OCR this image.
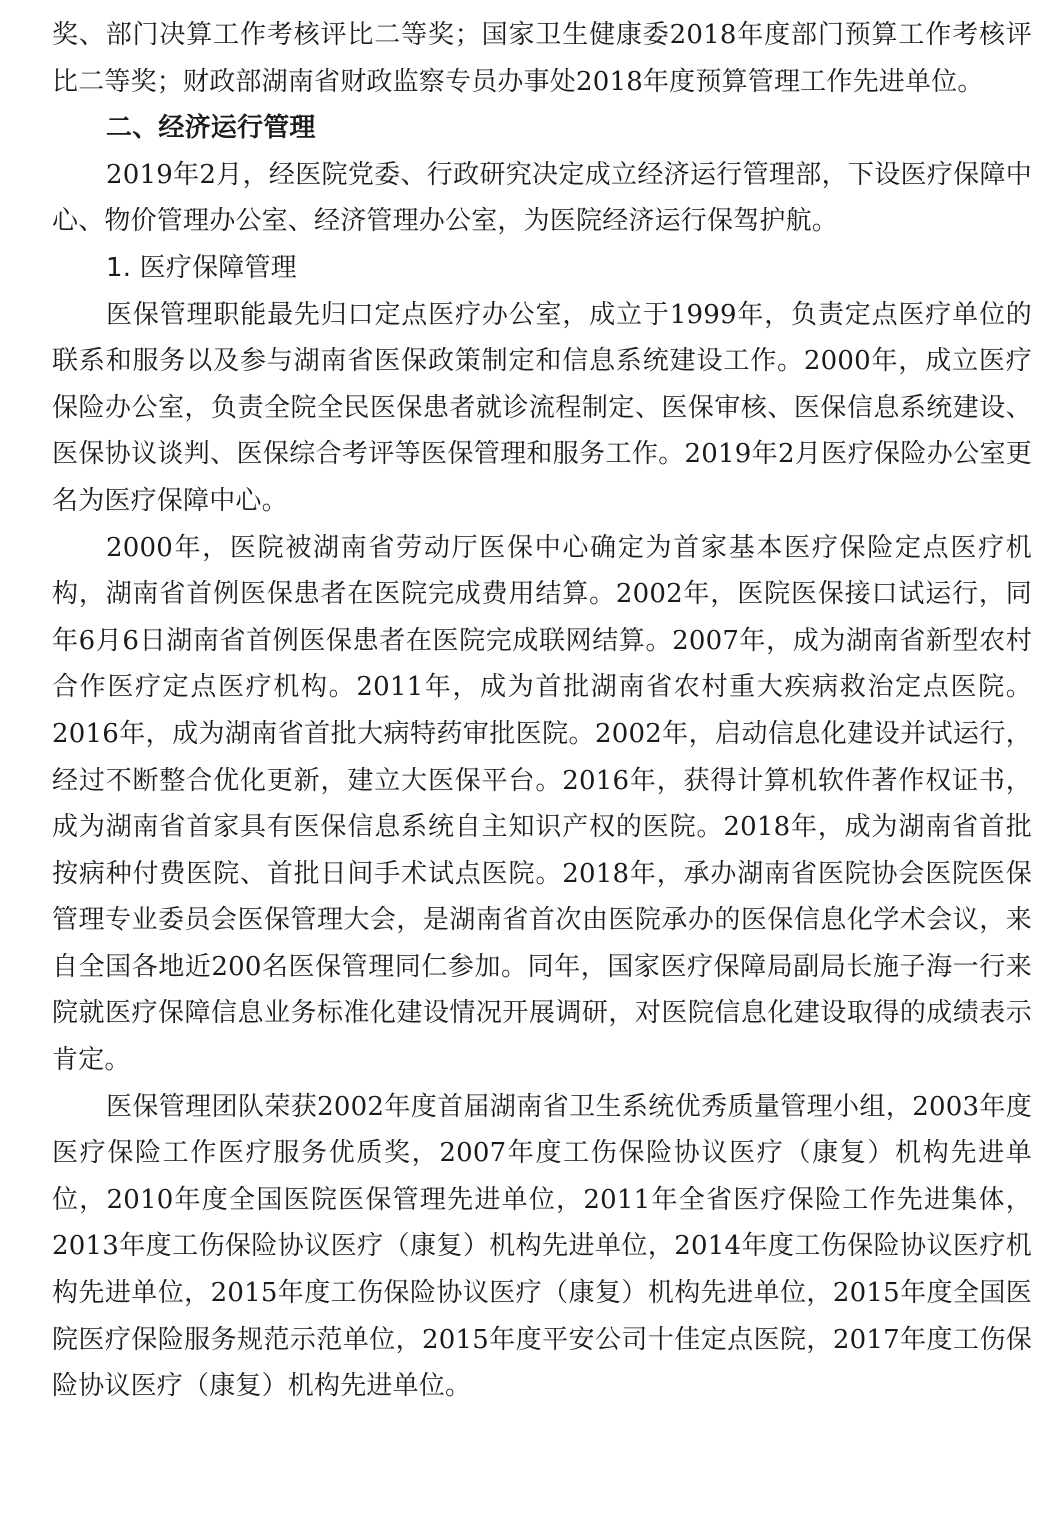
奖、部门决算工作考核评比二等奖；国家卫生健康委2018年度部门预算工作考核评比二等奖；财政部湖南省财政监察专员办事处2018年度预算管理工作先进单位。

二、经济运行管理

2019年2月，经医院党委、行政研究决定成立经济运行管理部，下设医疗保障中心、物价管理办公室、经济管理办公室，为医院经济运行保驾护航。

1. 医疗保障管理

医保管理职能最先归口定点医疗办公室，成立于1999年，负责定点医疗单位的联系和服务以及参与湖南省医保政策制定和信息系统建设工作。2000年，成立医疗保险办公室，负责全院全民医保患者就诊流程制定、医保审核、医保信息系统建设、医保协议谈判、医保综合考评等医保管理和服务工作。2019年2月医疗保险办公室更名为医疗保障中心。

2000年，医院被湖南省劳动厅医保中心确定为首家基本医疗保险定点医疗机构，湖南省首例医保患者在医院完成费用结算。2002年，医院医保接口试运行，同年6月6日湖南省首例医保患者在医院完成联网结算。2007年，成为湖南省新型农村合作医疗定点医疗机构。2011年，成为首批湖南省农村重大疾病救治定点医院。2016年，成为湖南省首批大病特药审批医院。2002年，启动信息化建设并试运行，经过不断整合优化更新，建立大医保平台。2016年，获得计算机软件著作权证书，成为湖南省首家具有医保信息系统自主知识产权的医院。2018年，成为湖南省首批按病种付费医院、首批日间手术试点医院。2018年，承办湖南省医院协会医院医保管理专业委员会医保管理大会，是湖南省首次由医院承办的医保信息化学术会议，来自全国各地近200名医保管理同仁参加。同年，国家医疗保障局副局长施子海一行来院就医疗保障信息业务标准化建设情况开展调研，对医院信息化建设取得的成绩表示肯定。

医保管理团队荣获2002年度首届湖南省卫生系统优秀质量管理小组，2003年度医疗保险工作医疗服务优质奖，2007年度工伤保险协议医疗（康复）机构先进单位，2010年度全国医院医保管理先进单位，2011年全省医疗保险工作先进集体，2013年度工伤保险协议医疗（康复）机构先进单位，2014年度工伤保险协议医疗机构先进单位，2015年度工伤保险协议医疗（康复）机构先进单位，2015年度全国医院医疗保险服务规范示范单位，2015年度平安公司十佳定点医院，2017年度工伤保险协议医疗（康复）机构先进单位。
